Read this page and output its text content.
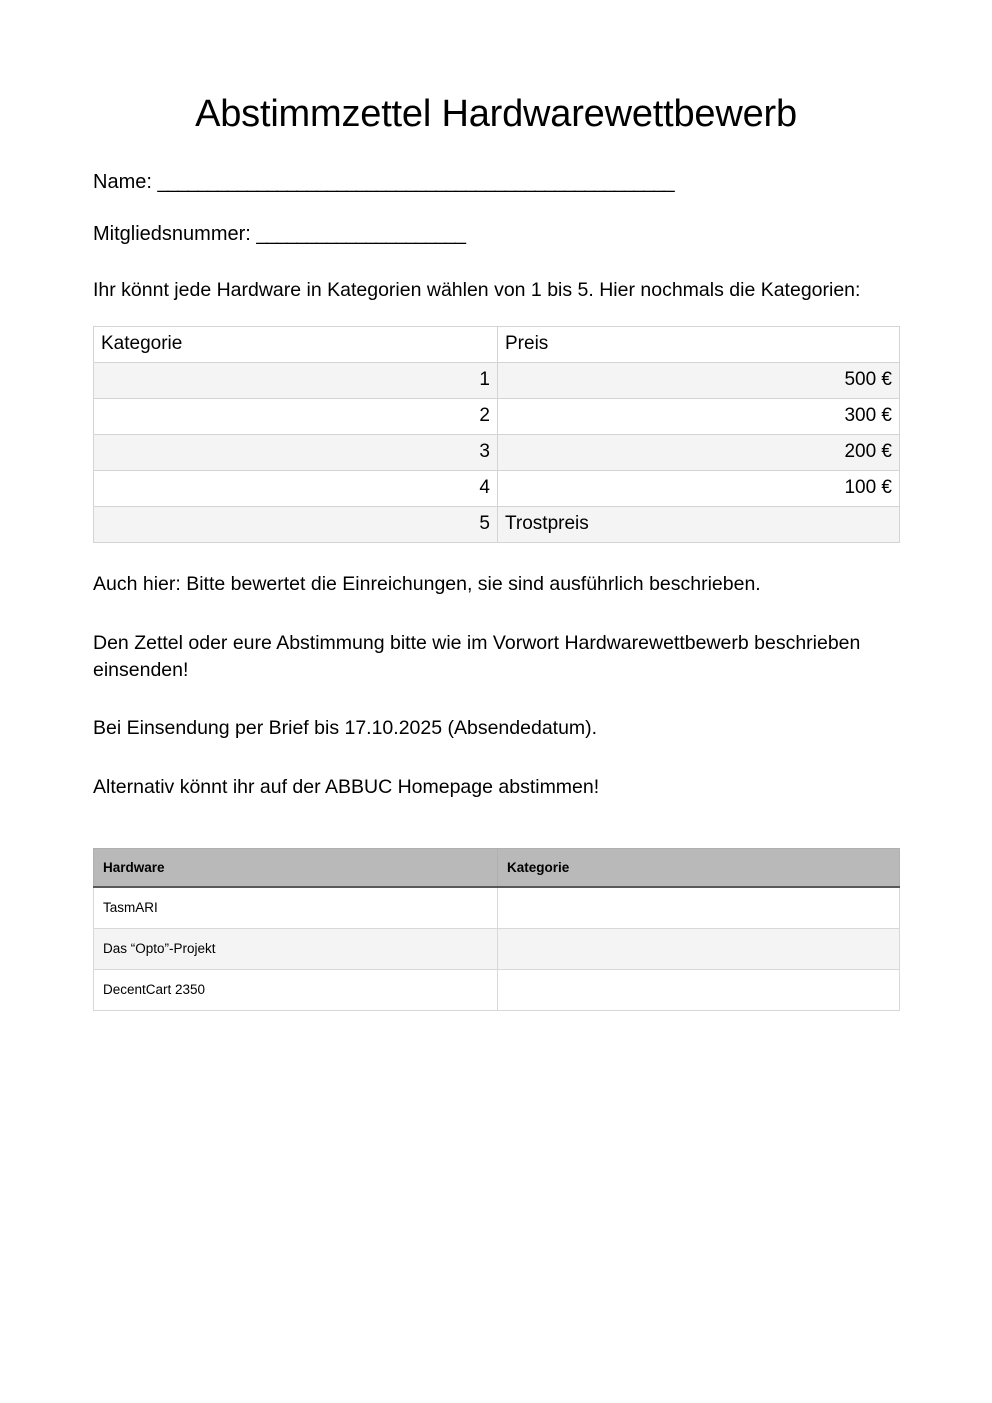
Abstimmzettel Hardwarewettbewerb
Name: ____________________________________________________
Mitgliedsnummer: _____________________

Ihr könnt jede Hardware in Kategorien wählen von 1 bis 5. Hier nochmals die Kategorien:

Kategorie	Preis
1	500 €
2	300 €
3	200 €
4	100 €
5	Trostpreis

Auch hier: Bitte bewertet die Einreichungen, sie sind ausführlich beschrieben.

Den Zettel oder eure Abstimmung bitte wie im Vorwort Hardwarewettbewerb beschrieben einsenden!

Bei Einsendung per Brief bis 17.10.2025 (Absendedatum).

Alternativ könnt ihr auf der ABBUC Homepage abstimmen!

Hardware	Kategorie
TasmARI	
Das “Opto”-Projekt	
DecentCart 2350	
